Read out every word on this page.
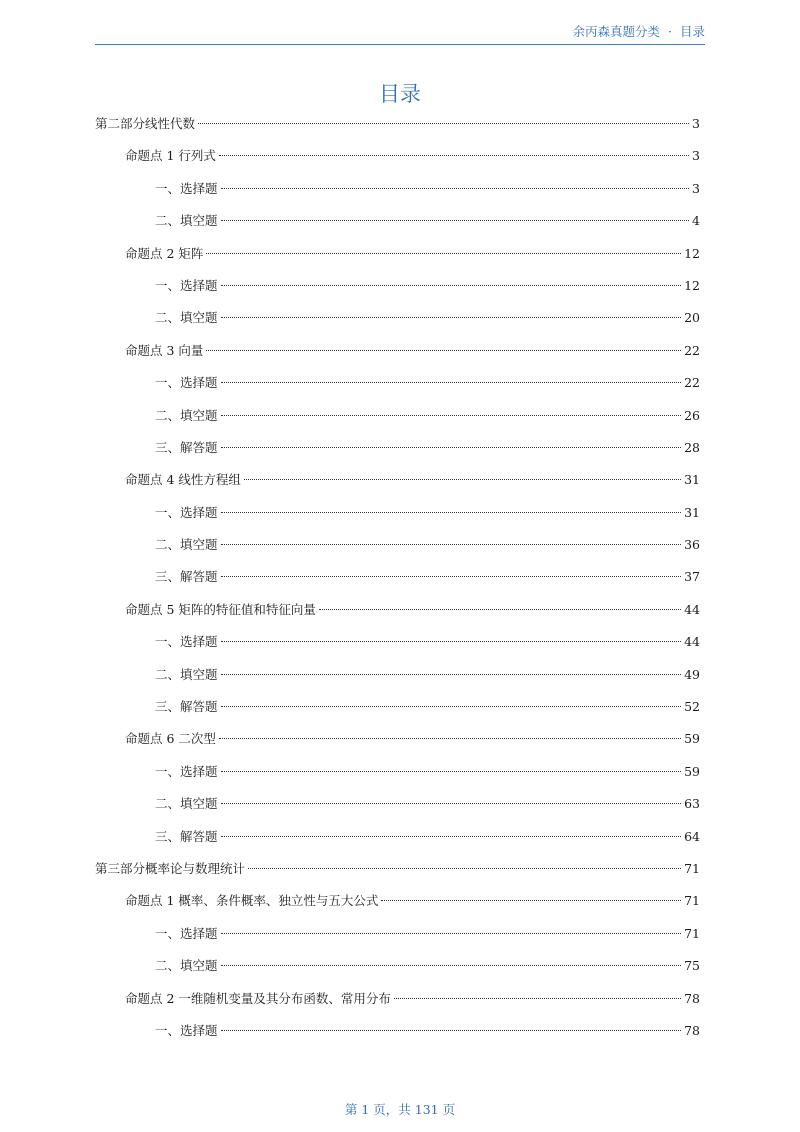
余丙森真题分类 · 目录
目录
第二部分线性代数	3
命题点 1 行列式	3
一、选择题	3
二、填空题	4
命题点 2 矩阵	12
一、选择题	12
二、填空题	20
命题点 3 向量	22
一、选择题	22
二、填空题	26
三、解答题	28
命题点 4 线性方程组	31
一、选择题	31
二、填空题	36
三、解答题	37
命题点 5 矩阵的特征值和特征向量	44
一、选择题	44
二、填空题	49
三、解答题	52
命题点 6 二次型	59
一、选择题	59
二、填空题	63
三、解答题	64
第三部分概率论与数理统计	71
命题点 1 概率、条件概率、独立性与五大公式	71
一、选择题	71
二、填空题	75
命题点 2 一维随机变量及其分布函数、常用分布	78
一、选择题	78
第 1 页，共 131 页
